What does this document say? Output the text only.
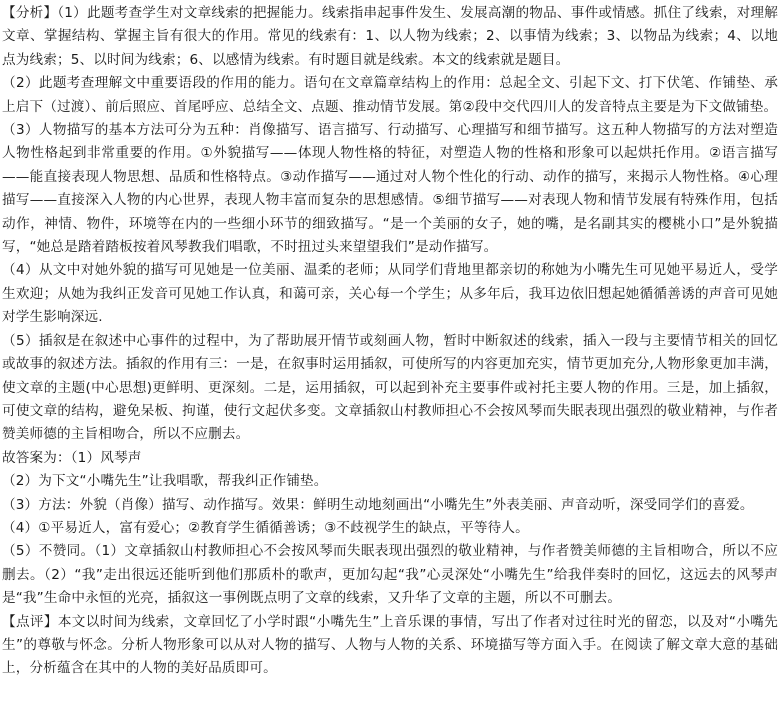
【分析】（1）此题考查学生对文章线索的把握能力。线索指串起事件发生、发展高潮的物品、事件或情感。抓住了线索，对理解文章、掌握结构、掌握主旨有很大的作用。常见的线索有：1、以人物为线索；2、以事情为线索；3、以物品为线索；4、以地点为线索；5、以时间为线索；6、以感情为线索。有时题目就是线索。本文的线索就是题目。

（2）此题考查理解文中重要语段的作用的能力。语句在文章篇章结构上的作用：总起全文、引起下文、打下伏笔、作铺垫、承上启下（过渡）、前后照应、首尾呼应、总结全文、点题、推动情节发展。第②段中交代四川人的发音特点主要是为下文做铺垫。

（3）人物描写的基本方法可分为五种：肖像描写、语言描写、行动描写、心理描写和细节描写。这五种人物描写的方法对塑造人物性格起到非常重要的作用。①外貌描写——体现人物性格的特征，对塑造人物的性格和形象可以起烘托作用。②语言描写——能直接表现人物思想、品质和性格特点。③动作描写——通过对人物个性化的行动、动作的描写，来揭示人物性格。④心理描写——直接深入人物的内心世界，表现人物丰富而复杂的思想感情。⑤细节描写——对表现人物和情节发展有特殊作用，包括动作，神情、物件，环境等在内的一些细小环节的细致描写。“是一个美丽的女子，她的嘴，是名副其实的樱桃小口”是外貌描写，“她总是踏着踏板按着风琴教我们唱歌，不时扭过头来望望我们”是动作描写。

（4）从文中对她外貌的描写可见她是一位美丽、温柔的老师；从同学们背地里都亲切的称她为小嘴先生可见她平易近人，受学生欢迎；从她为我纠正发音可见她工作认真，和蔼可亲，关心每一个学生；从多年后，我耳边依旧想起她循循善诱的声音可见她对学生影响深远.

（5）插叙是在叙述中心事件的过程中，为了帮助展开情节或刻画人物，暂时中断叙述的线索，插入一段与主要情节相关的回忆或故事的叙述方法。插叙的作用有三：一是，在叙事时运用插叙，可使所写的内容更加充实，情节更加充分,人物形象更加丰满，使文章的主题(中心思想)更鲜明、更深刻。二是，运用插叙，可以起到补充主要事件或衬托主要人物的作用。三是，加上插叙，可使文章的结构，避免呆板、拘谨，使行文起伏多变。文章插叙山村教师担心不会按风琴而失眠表现出强烈的敬业精神，与作者赞美师德的主旨相吻合，所以不应删去。

故答案为：（1）风琴声

（2）为下文“小嘴先生”让我唱歌，帮我纠正作铺垫。

（3）方法：外貌（肖像）描写、动作描写。效果：鲜明生动地刻画出“小嘴先生”外表美丽、声音动听，深受同学们的喜爱。

（4）①平易近人，富有爱心；②教育学生循循善诱；③不歧视学生的缺点，平等待人。

（5）不赞同。（1）文章插叙山村教师担心不会按风琴而失眠表现出强烈的敬业精神，与作者赞美师德的主旨相吻合，所以不应删去。（2）“我”走出很远还能听到他们那质朴的歌声，更加勾起“我”心灵深处“小嘴先生”给我伴奏时的回忆，这远去的风琴声是“我”生命中永恒的光亮，插叙这一事例既点明了文章的线索，又升华了文章的主题，所以不可删去。

【点评】本文以时间为线索，文章回忆了小学时跟“小嘴先生”上音乐课的事情，写出了作者对过往时光的留恋，以及对“小嘴先生”的尊敬与怀念。分析人物形象可以从对人物的描写、人物与人物的关系、环境描写等方面入手。在阅读了解文章大意的基础上，分析蕴含在其中的人物的美好品质即可。
